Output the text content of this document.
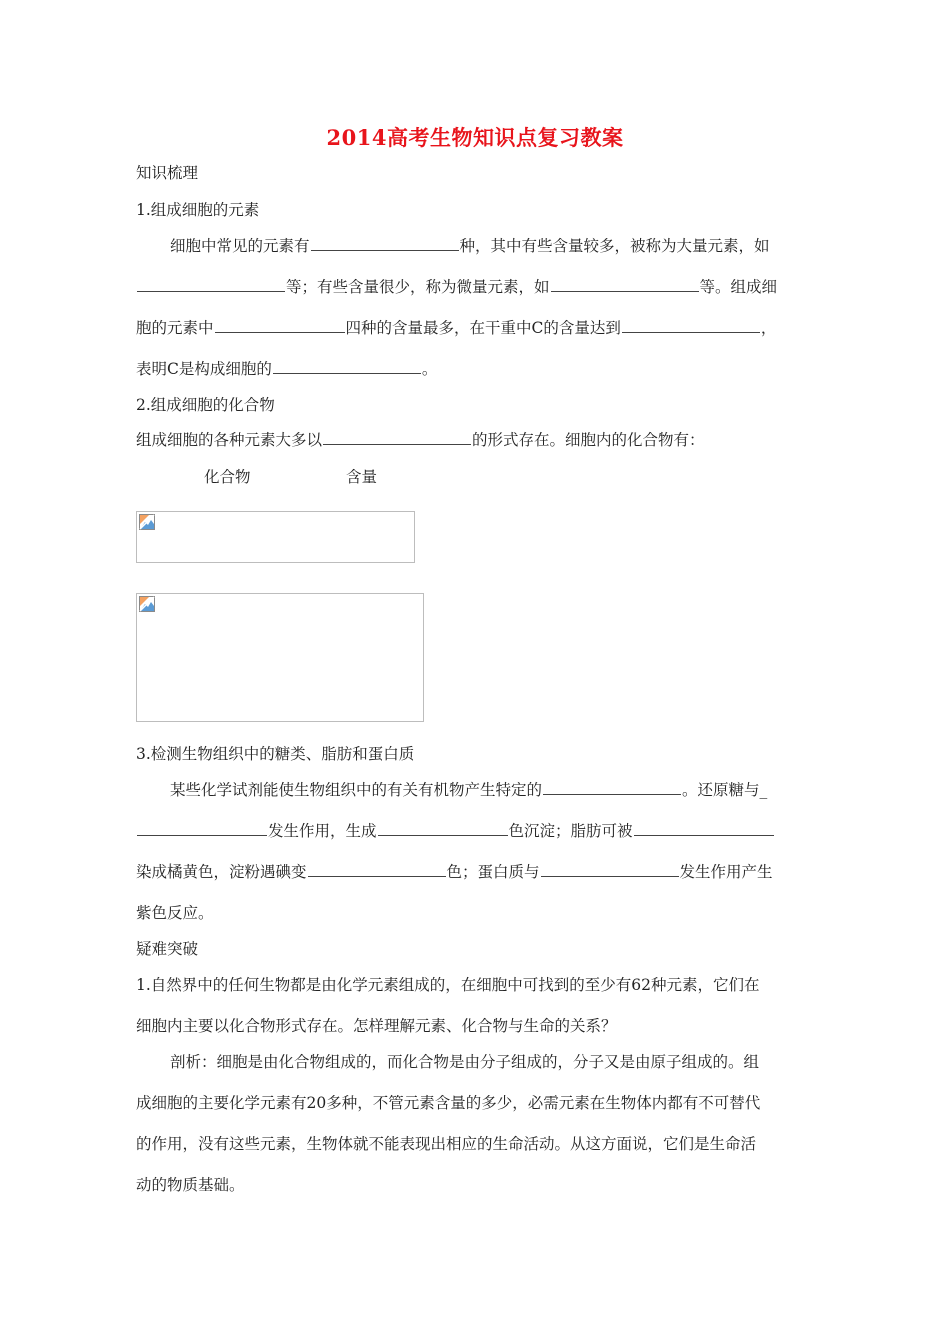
2014高考生物知识点复习教案
知识梳理
1.组成细胞的元素
细胞中常见的元素有	种，其中有些含量较多，被称为大量元素，如
等；有些含量很少，称为微量元素，如	等。组成细
胞的元素中	四种的含量最多，在干重中C的含量达到	，
表明C是构成细胞的	。
2.组成细胞的化合物
组成细胞的各种元素大多以	的形式存在。细胞内的化合物有：
化合物	含量
3.检测生物组织中的糖类、脂肪和蛋白质
某些化学试剂能使生物组织中的有关有机物产生特定的	。还原糖与_
发生作用，生成	色沉淀；脂肪可被
染成橘黄色，淀粉遇碘变	色；蛋白质与	发生作用产生
紫色反应。
疑难突破
1.自然界中的任何生物都是由化学元素组成的，在细胞中可找到的至少有62种元素，它们在
细胞内主要以化合物形式存在。怎样理解元素、化合物与生命的关系？
剖析：细胞是由化合物组成的，而化合物是由分子组成的，分子又是由原子组成的。组
成细胞的主要化学元素有20多种，不管元素含量的多少，必需元素在生物体内都有不可替代
的作用，没有这些元素，生物体就不能表现出相应的生命活动。从这方面说，它们是生命活
动的物质基础。
